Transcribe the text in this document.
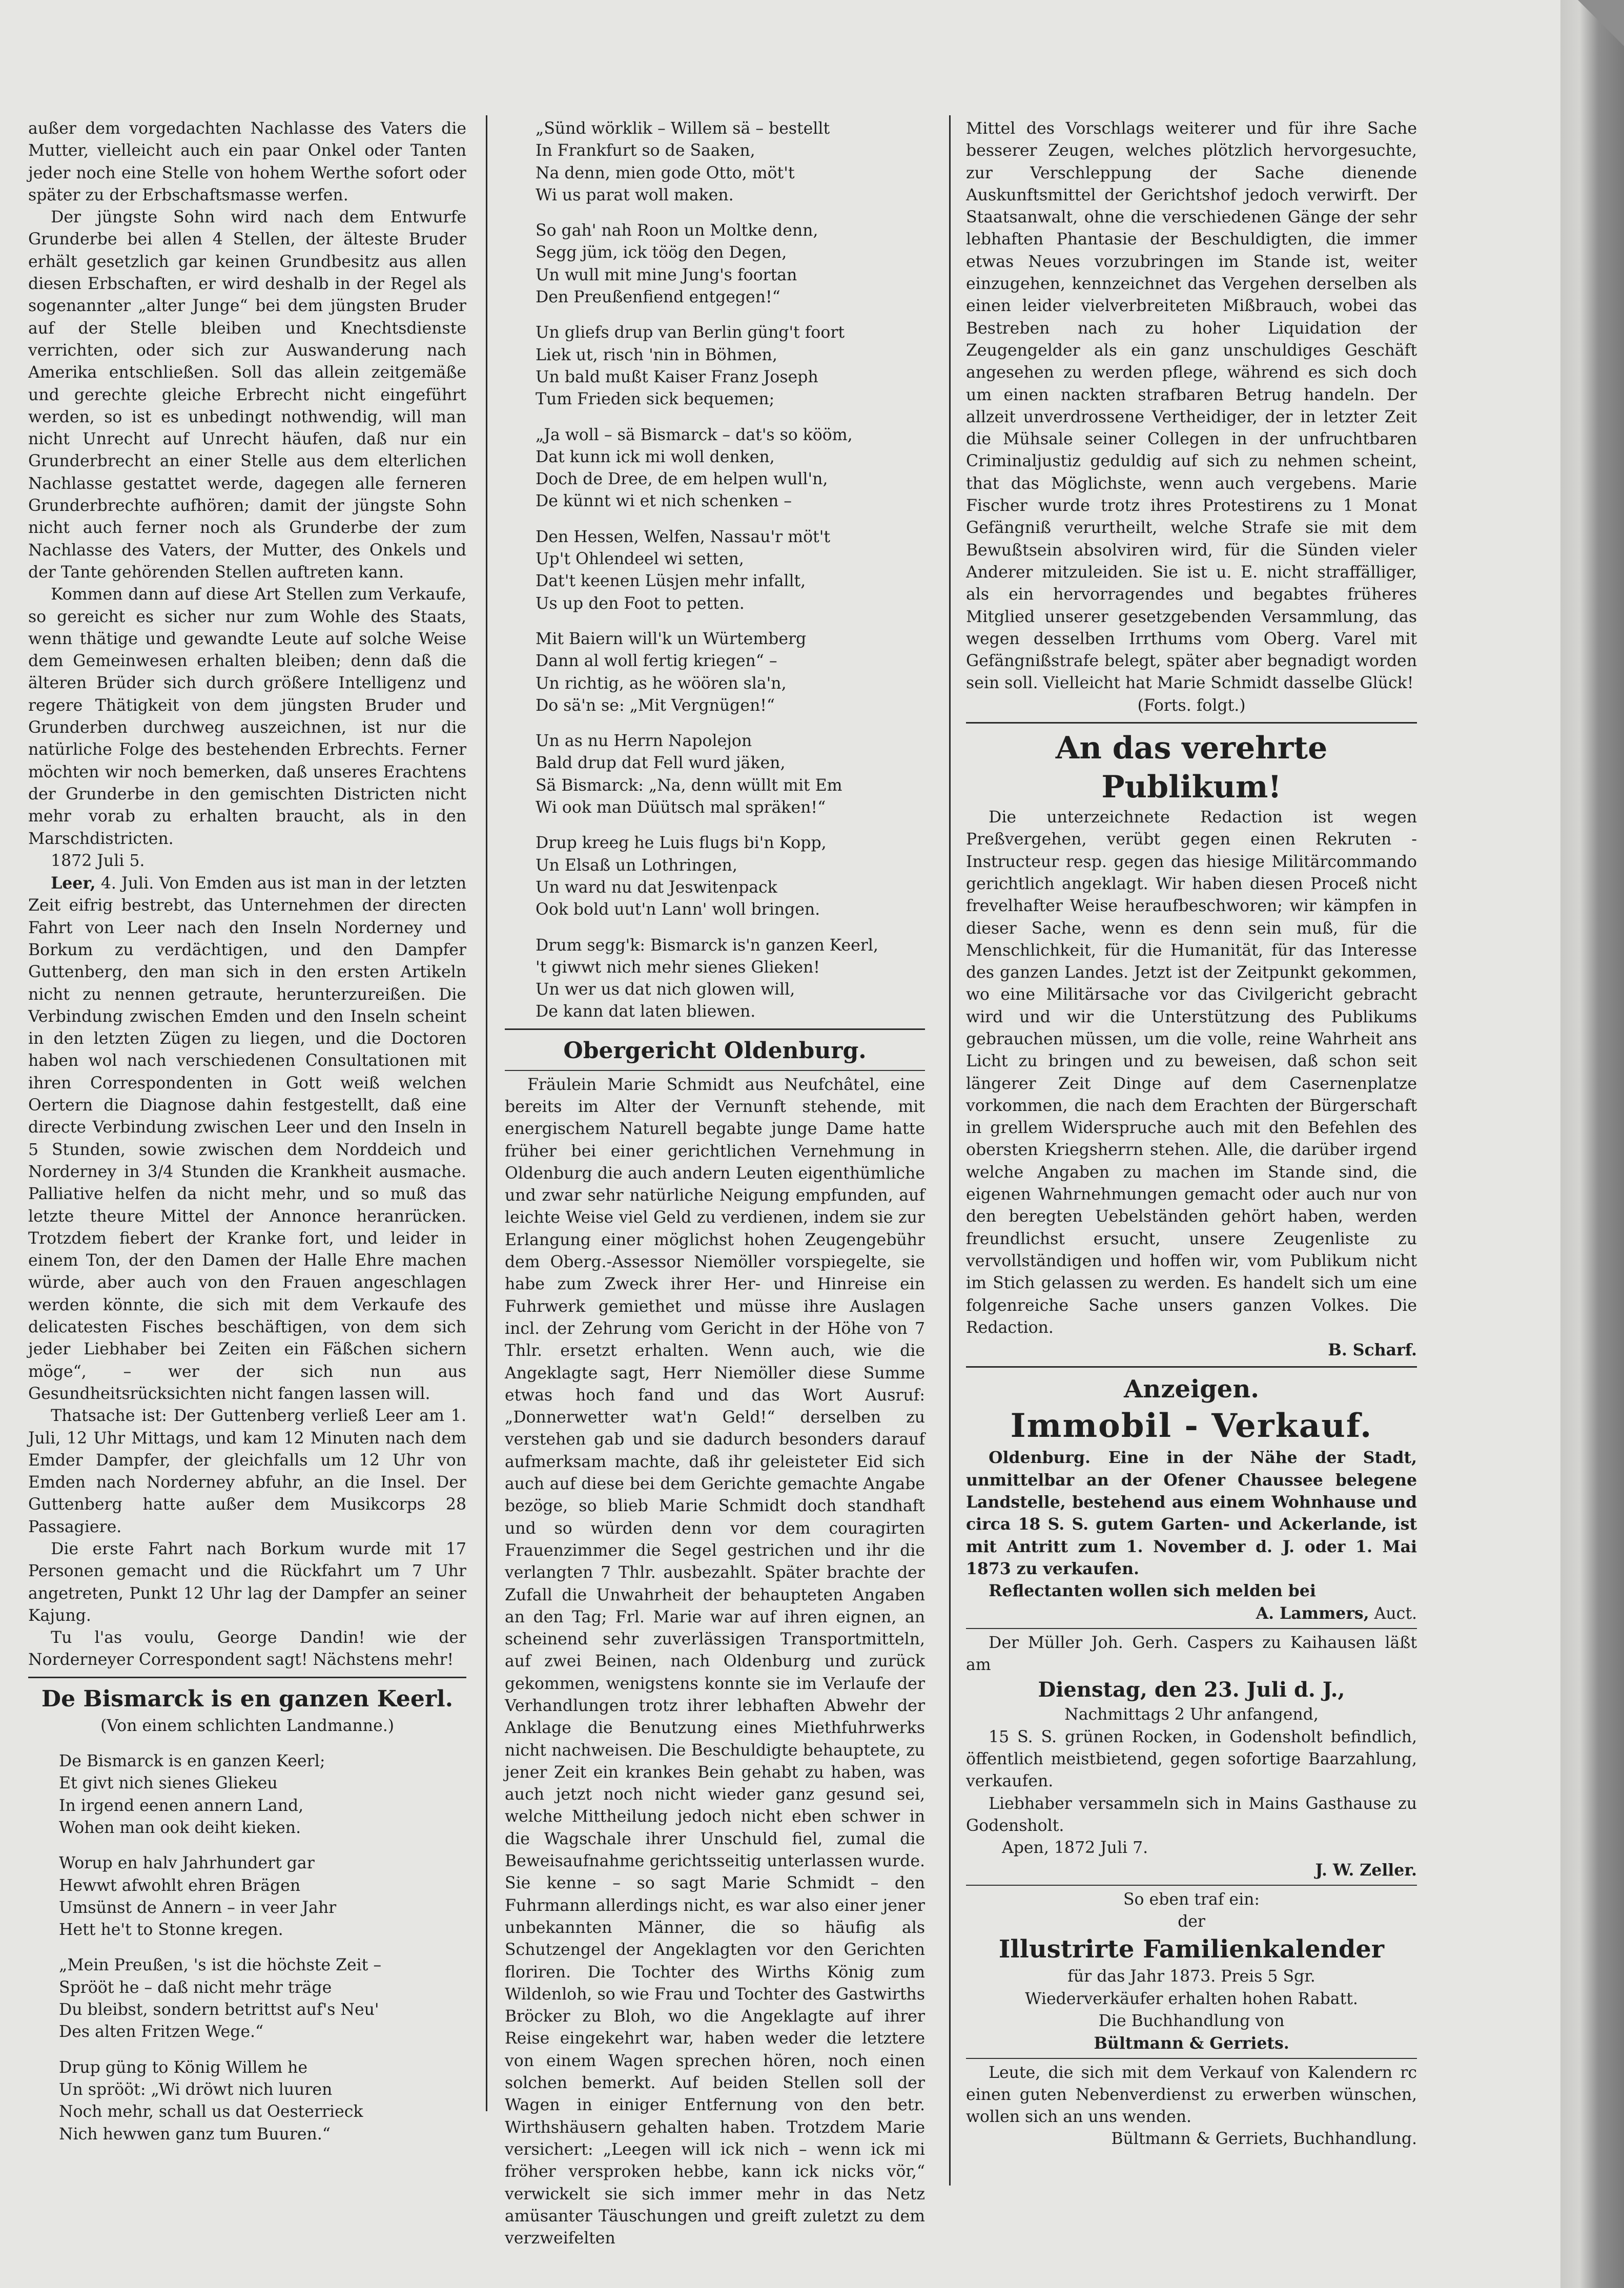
außer dem vorgedachten Nachlasse des Vaters die Mutter, vielleicht auch ein paar Onkel oder Tanten jeder noch eine Stelle von hohem Werthe sofort oder später zu der Erbschaftsmasse werfen.

Der jüngste Sohn wird nach dem Entwurfe Grunderbe bei allen 4 Stellen, der älteste Bruder erhält gesetzlich gar keinen Grundbesitz aus allen diesen Erbschaften, er wird deshalb in der Regel als sogenannter „alter Junge“ bei dem jüngsten Bruder auf der Stelle bleiben und Knechtsdienste verrichten, oder sich zur Auswanderung nach Amerika entschließen. Soll das allein zeitgemäße und gerechte gleiche Erbrecht nicht eingeführt werden, so ist es unbedingt nothwendig, will man nicht Unrecht auf Unrecht häufen, daß nur ein Grunderbrecht an einer Stelle aus dem elterlichen Nachlasse gestattet werde, dagegen alle ferneren Grunderbrechte aufhören; damit der jüngste Sohn nicht auch ferner noch als Grunderbe der zum Nachlasse des Vaters, der Mutter, des Onkels und der Tante gehörenden Stellen auftreten kann.

Kommen dann auf diese Art Stellen zum Verkaufe, so gereicht es sicher nur zum Wohle des Staats, wenn thätige und gewandte Leute auf solche Weise dem Gemeinwesen erhalten bleiben; denn daß die älteren Brüder sich durch größere Intelligenz und regere Thätigkeit von dem jüngsten Bruder und Grunderben durchweg auszeichnen, ist nur die natürliche Folge des bestehenden Erbrechts. Ferner möchten wir noch bemerken, daß unseres Erachtens der Grunderbe in den gemischten Districten nicht mehr vorab zu erhalten braucht, als in den Marschdistricten.

1872 Juli 5.

Leer, 4. Juli. Von Emden aus ist man in der letzten Zeit eifrig bestrebt, das Unternehmen der directen Fahrt von Leer nach den Inseln Norderney und Borkum zu verdächtigen, und den Dampfer Guttenberg, den man sich in den ersten Artikeln nicht zu nennen getraute, herunterzureißen. Die Verbindung zwischen Emden und den Inseln scheint in den letzten Zügen zu liegen, und die Doctoren haben wol nach verschiedenen Consultationen mit ihren Correspondenten in Gott weiß welchen Oertern die Diagnose dahin festgestellt, daß eine directe Verbindung zwischen Leer und den Inseln in 5 Stunden, sowie zwischen dem Norddeich und Norderney in 3/4 Stunden die Krankheit ausmache. Palliative helfen da nicht mehr, und so muß das letzte theure Mittel der Annonce heranrücken. Trotzdem fiebert der Kranke fort, und leider in einem Ton, der den Damen der Halle Ehre machen würde, aber auch von den Frauen angeschlagen werden könnte, die sich mit dem Verkaufe des delicatesten Fisches beschäftigen, von dem sich jeder Liebhaber bei Zeiten ein Fäßchen sichern möge“, – wer der sich nun aus Gesundheitsrücksichten nicht fangen lassen will.

Thatsache ist: Der Guttenberg verließ Leer am 1. Juli, 12 Uhr Mittags, und kam 12 Minuten nach dem Emder Dampfer, der gleichfalls um 12 Uhr von Emden nach Norderney abfuhr, an die Insel. Der Guttenberg hatte außer dem Musikcorps 28 Passagiere.

Die erste Fahrt nach Borkum wurde mit 17 Personen gemacht und die Rückfahrt um 7 Uhr angetreten, Punkt 12 Uhr lag der Dampfer an seiner Kajung.

Tu l'as voulu, George Dandin! wie der Norderneyer Correspondent sagt! Nächstens mehr!

De Bismarck is en ganzen Keerl.

(Von einem schlichten Landmanne.)

De Bismarck is en ganzen Keerl;

Et givt nich sienes Gliekeu

In irgend eenen annern Land,

Wohen man ook deiht kieken.

Worup en halv Jahrhundert gar

Hewwt afwohlt ehren Brägen

Umsünst de Annern – in veer Jahr

Hett he't to Stonne kregen.

„Mein Preußen, 's ist die höchste Zeit –

Sprööt he – daß nicht mehr träge

Du bleibst, sondern betrittst auf's Neu'

Des alten Fritzen Wege.“

Drup güng to König Willem he

Un sprööt: „Wi dröwt nich luuren

Noch mehr, schall us dat Oesterrieck

Nich hewwen ganz tum Buuren.“

„Sünd wörklik – Willem sä – bestellt

In Frankfurt so de Saaken,

Na denn, mien gode Otto, möt't

Wi us parat woll maken.

So gah' nah Roon un Moltke denn,

Segg jüm, ick töög den Degen,

Un wull mit mine Jung's foortan

Den Preußenfiend entgegen!“

Un gliefs drup van Berlin güng't foort

Liek ut, risch 'nin in Böhmen,

Un bald mußt Kaiser Franz Joseph

Tum Frieden sick bequemen;

„Ja woll – sä Bismarck – dat's so kööm,

Dat kunn ick mi woll denken,

Doch de Dree, de em helpen wull'n,

De künnt wi et nich schenken –

Den Hessen, Welfen, Nassau'r möt't

Up't Ohlendeel wi setten,

Dat't keenen Lüsjen mehr infallt,

Us up den Foot to petten.

Mit Baiern will'k un Würtemberg

Dann al woll fertig kriegen“ –

Un richtig, as he wöören sla'n,

Do sä'n se: „Mit Vergnügen!“

Un as nu Herrn Napolejon

Bald drup dat Fell wurd jäken,

Sä Bismarck: „Na, denn wüllt mit Em

Wi ook man Düütsch mal spräken!“

Drup kreeg he Luis flugs bi'n Kopp,

Un Elsaß un Lothringen,

Un ward nu dat Jeswitenpack

Ook bold uut'n Lann' woll bringen.

Drum segg'k: Bismarck is'n ganzen Keerl,

't giwwt nich mehr sienes Glieken!

Un wer us dat nich glowen will,

De kann dat laten bliewen.

Obergericht Oldenburg.

Fräulein Marie Schmidt aus Neufchâtel, eine bereits im Alter der Vernunft stehende, mit energischem Naturell begabte junge Dame hatte früher bei einer gerichtlichen Vernehmung in Oldenburg die auch andern Leuten eigenthümliche und zwar sehr natürliche Neigung empfunden, auf leichte Weise viel Geld zu verdienen, indem sie zur Erlangung einer möglichst hohen Zeugengebühr dem Oberg.-Assessor Niemöller vorspiegelte, sie habe zum Zweck ihrer Her- und Hinreise ein Fuhrwerk gemiethet und müsse ihre Auslagen incl. der Zehrung vom Gericht in der Höhe von 7 Thlr. ersetzt erhalten. Wenn auch, wie die Angeklagte sagt, Herr Niemöller diese Summe etwas hoch fand und das Wort Ausruf: „Donnerwetter wat'n Geld!“ derselben zu verstehen gab und sie dadurch besonders darauf aufmerksam machte, daß ihr geleisteter Eid sich auch auf diese bei dem Gerichte gemachte Angabe bezöge, so blieb Marie Schmidt doch standhaft und so würden denn vor dem couragirten Frauenzimmer die Segel gestrichen und ihr die verlangten 7 Thlr. ausbezahlt. Später brachte der Zufall die Unwahrheit der behaupteten Angaben an den Tag; Frl. Marie war auf ihren eignen, an scheinend sehr zuverlässigen Transportmitteln, auf zwei Beinen, nach Oldenburg und zurück gekommen, wenigstens konnte sie im Verlaufe der Verhandlungen trotz ihrer lebhaften Abwehr der Anklage die Benutzung eines Miethfuhrwerks nicht nachweisen. Die Beschuldigte behauptete, zu jener Zeit ein krankes Bein gehabt zu haben, was auch jetzt noch nicht wieder ganz gesund sei, welche Mittheilung jedoch nicht eben schwer in die Wagschale ihrer Unschuld fiel, zumal die Beweisaufnahme gerichtsseitig unterlassen wurde. Sie kenne – so sagt Marie Schmidt – den Fuhrmann allerdings nicht, es war also einer jener unbekannten Männer, die so häufig als Schutzengel der Angeklagten vor den Gerichten floriren. Die Tochter des Wirths König zum Wildenloh, so wie Frau und Tochter des Gastwirths Bröcker zu Bloh, wo die Angeklagte auf ihrer Reise eingekehrt war, haben weder die letztere von einem Wagen sprechen hören, noch einen solchen bemerkt. Auf beiden Stellen soll der Wagen in einiger Entfernung von den betr. Wirthshäusern gehalten haben. Trotzdem Marie versichert: „Leegen will ick nich – wenn ick mi fröher versproken hebbe, kann ick nicks vör,“ verwickelt sie sich immer mehr in das Netz amüsanter Täuschungen und greift zuletzt zu dem verzweifelten

Mittel des Vorschlags weiterer und für ihre Sache besserer Zeugen, welches plötzlich hervorgesuchte, zur Verschleppung der Sache dienende Auskunftsmittel der Gerichtshof jedoch verwirft. Der Staatsanwalt, ohne die verschiedenen Gänge der sehr lebhaften Phantasie der Beschuldigten, die immer etwas Neues vorzubringen im Stande ist, weiter einzugehen, kennzeichnet das Vergehen derselben als einen leider vielverbreiteten Mißbrauch, wobei das Bestreben nach zu hoher Liquidation der Zeugengelder als ein ganz unschuldiges Geschäft angesehen zu werden pflege, während es sich doch um einen nackten strafbaren Betrug handeln. Der allzeit unverdrossene Vertheidiger, der in letzter Zeit die Mühsale seiner Collegen in der unfruchtbaren Criminaljustiz geduldig auf sich zu nehmen scheint, that das Möglichste, wenn auch vergebens. Marie Fischer wurde trotz ihres Protestirens zu 1 Monat Gefängniß verurtheilt, welche Strafe sie mit dem Bewußtsein absolviren wird, für die Sünden vieler Anderer mitzuleiden. Sie ist u. E. nicht straffälliger, als ein hervorragendes und begabtes früheres Mitglied unserer gesetzgebenden Versammlung, das wegen desselben Irrthums vom Oberg. Varel mit Gefängnißstrafe belegt, später aber begnadigt worden sein soll. Vielleicht hat Marie Schmidt dasselbe Glück!

(Forts. folgt.)

An das verehrte Publikum!

Die unterzeichnete Redaction ist wegen Preßvergehen, verübt gegen einen Rekruten - Instructeur resp. gegen das hiesige Militärcommando gerichtlich angeklagt. Wir haben diesen Proceß nicht frevelhafter Weise heraufbeschworen; wir kämpfen in dieser Sache, wenn es denn sein muß, für die Menschlichkeit, für die Humanität, für das Interesse des ganzen Landes. Jetzt ist der Zeitpunkt gekommen, wo eine Militärsache vor das Civilgericht gebracht wird und wir die Unterstützung des Publikums gebrauchen müssen, um die volle, reine Wahrheit ans Licht zu bringen und zu beweisen, daß schon seit längerer Zeit Dinge auf dem Casernenplatze vorkommen, die nach dem Erachten der Bürgerschaft in grellem Widerspruche auch mit den Befehlen des obersten Kriegsherrn stehen. Alle, die darüber irgend welche Angaben zu machen im Stande sind, die eigenen Wahrnehmungen gemacht oder auch nur von den beregten Uebelständen gehört haben, werden freundlichst ersucht, unsere Zeugenliste zu vervollständigen und hoffen wir, vom Publikum nicht im Stich gelassen zu werden. Es handelt sich um eine folgenreiche Sache unsers ganzen Volkes. Die Redaction.

B. Scharf.

Anzeigen.

Immobil - Verkauf.

Oldenburg. Eine in der Nähe der Stadt, unmittelbar an der Ofener Chaussee belegene Landstelle, bestehend aus einem Wohnhause und circa 18 S. S. gutem Garten- und Ackerlande, ist mit Antritt zum 1. November d. J. oder 1. Mai 1873 zu verkaufen.

Reflectanten wollen sich melden bei

A. Lammers, Auct.

Der Müller Joh. Gerh. Caspers zu Kaihausen läßt am

Dienstag, den 23. Juli d. J.,

Nachmittags 2 Uhr anfangend,

15 S. S. grünen Rocken, in Godensholt befindlich, öffentlich meistbietend, gegen sofortige Baarzahlung, verkaufen.

Liebhaber versammeln sich in Mains Gasthause zu Godensholt.

Apen, 1872 Juli 7.

J. W. Zeller.

So eben traf ein:

der

Illustrirte Familienkalender

für das Jahr 1873. Preis 5 Sgr.

Wiederverkäufer erhalten hohen Rabatt.

Die Buchhandlung von

Bültmann & Gerriets.

Leute, die sich mit dem Verkauf von Kalendern rc einen guten Nebenverdienst zu erwerben wünschen, wollen sich an uns wenden.

Bültmann & Gerriets, Buchhandlung.
